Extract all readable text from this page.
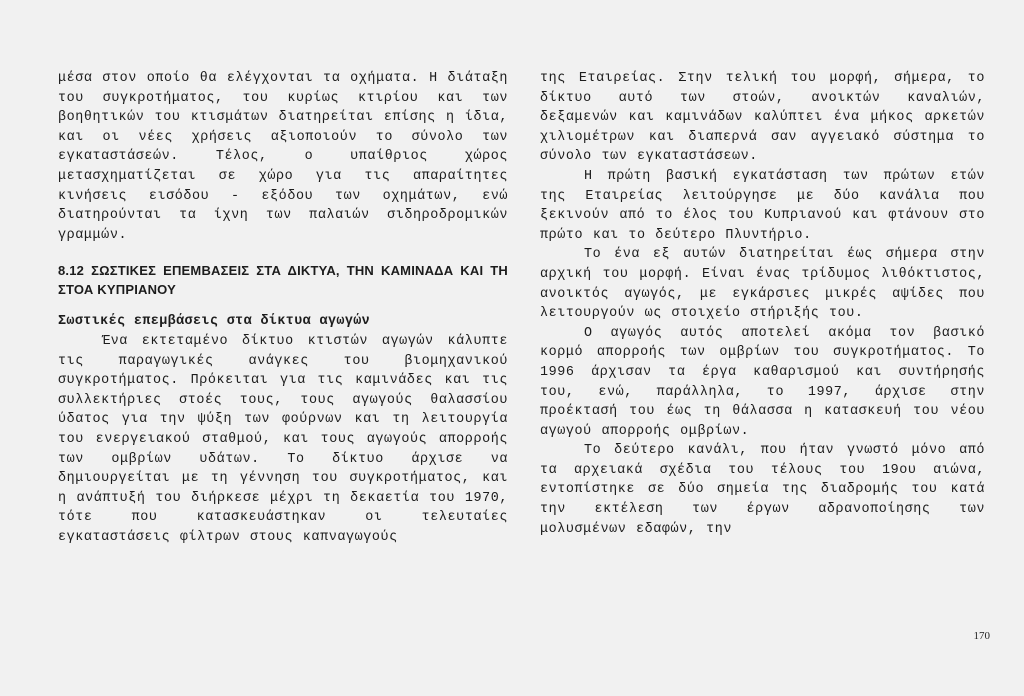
μέσα στον οποίο θα ελέγχονται τα οχήματα. Η διάταξη του συγκροτήματος, του κυρίως κτιρίου και των βοηθητικών του κτισμάτων διατηρείται επίσης η ίδια, και οι νέες χρήσεις αξιοποιούν το σύνολο των εγκαταστάσεών. Τέλος, ο υπαίθριος χώρος μετασχηματίζεται σε χώρο για τις απαραίτητες κινήσεις εισόδου - εξόδου των οχημάτων, ενώ διατηρούνται τα ίχνη των παλαιών σιδηροδρομικών γραμμών.

8.12 ΣΩΣΤΙΚΕΣ ΕΠΕΜΒΑΣΕΙΣ ΣΤΑ ΔΙΚΤΥΑ, ΤΗΝ ΚΑΜΙΝΑΔΑ ΚΑΙ ΤΗ ΣΤΟΑ ΚΥΠΡΙΑΝΟΥ
Σωστικές επεμβάσεις στα δίκτυα αγωγών

Ένα εκτεταμένο δίκτυο κτιστών αγωγών κάλυπτε τις παραγωγικές ανάγκες του βιομηχανικού συγκροτήματος. Πρόκειται για τις καμινάδες και τις συλλεκτήριες στοές τους, τους αγωγούς θαλασσίου ύδατος για την ψύξη των φούρνων και τη λειτουργία του ενεργειακού σταθμού, και τους αγωγούς απορροής των ομβρίων υδάτων. Το δίκτυο άρχισε να δημιουργείται με τη γέννηση του συγκροτήματος, και η ανάπτυξή του διήρκεσε μέχρι τη δεκαετία του 1970, τότε που κατασκευάστηκαν οι τελευταίες εγκαταστάσεις φίλτρων στους καπναγωγούς

της Εταιρείας. Στην τελική του μορφή, σήμερα, το δίκτυο αυτό των στοών, ανοικτών καναλιών, δεξαμενών και καμινάδων καλύπτει ένα μήκος αρκετών χιλιομέτρων και διαπερνά σαν αγγειακό σύστημα το σύνολο των εγκαταστάσεων.

Η πρώτη βασική εγκατάσταση των πρώτων ετών της Εταιρείας λειτούργησε με δύο κανάλια που ξεκινούν από το έλος του Κυπριανού και φτάνουν στο πρώτο και το δεύτερο Πλυντήριο.

Το ένα εξ αυτών διατηρείται έως σήμερα στην αρχική του μορφή. Είναι ένας τρίδυμος λιθόκτιστος, ανοικτός αγωγός, με εγκάρσιες μικρές αψίδες που λειτουργούν ως στοιχείο στήριξής του.

Ο αγωγός αυτός αποτελεί ακόμα τον βασικό κορμό απορροής των ομβρίων του συγκροτήματος. Το 1996 άρχισαν τα έργα καθαρισμού και συντήρησής του, ενώ, παράλληλα, το 1997, άρχισε στην προέκτασή του έως τη θάλασσα η κατασκευή του νέου αγωγού απορροής ομβρίων.

Το δεύτερο κανάλι, που ήταν γνωστό μόνο από τα αρχειακά σχέδια του τέλους του 19ου αιώνα, εντοπίστηκε σε δύο σημεία της διαδρομής του κατά την εκτέλεση των έργων αδρανοποίησης των μολυσμένων εδαφών, την

170
